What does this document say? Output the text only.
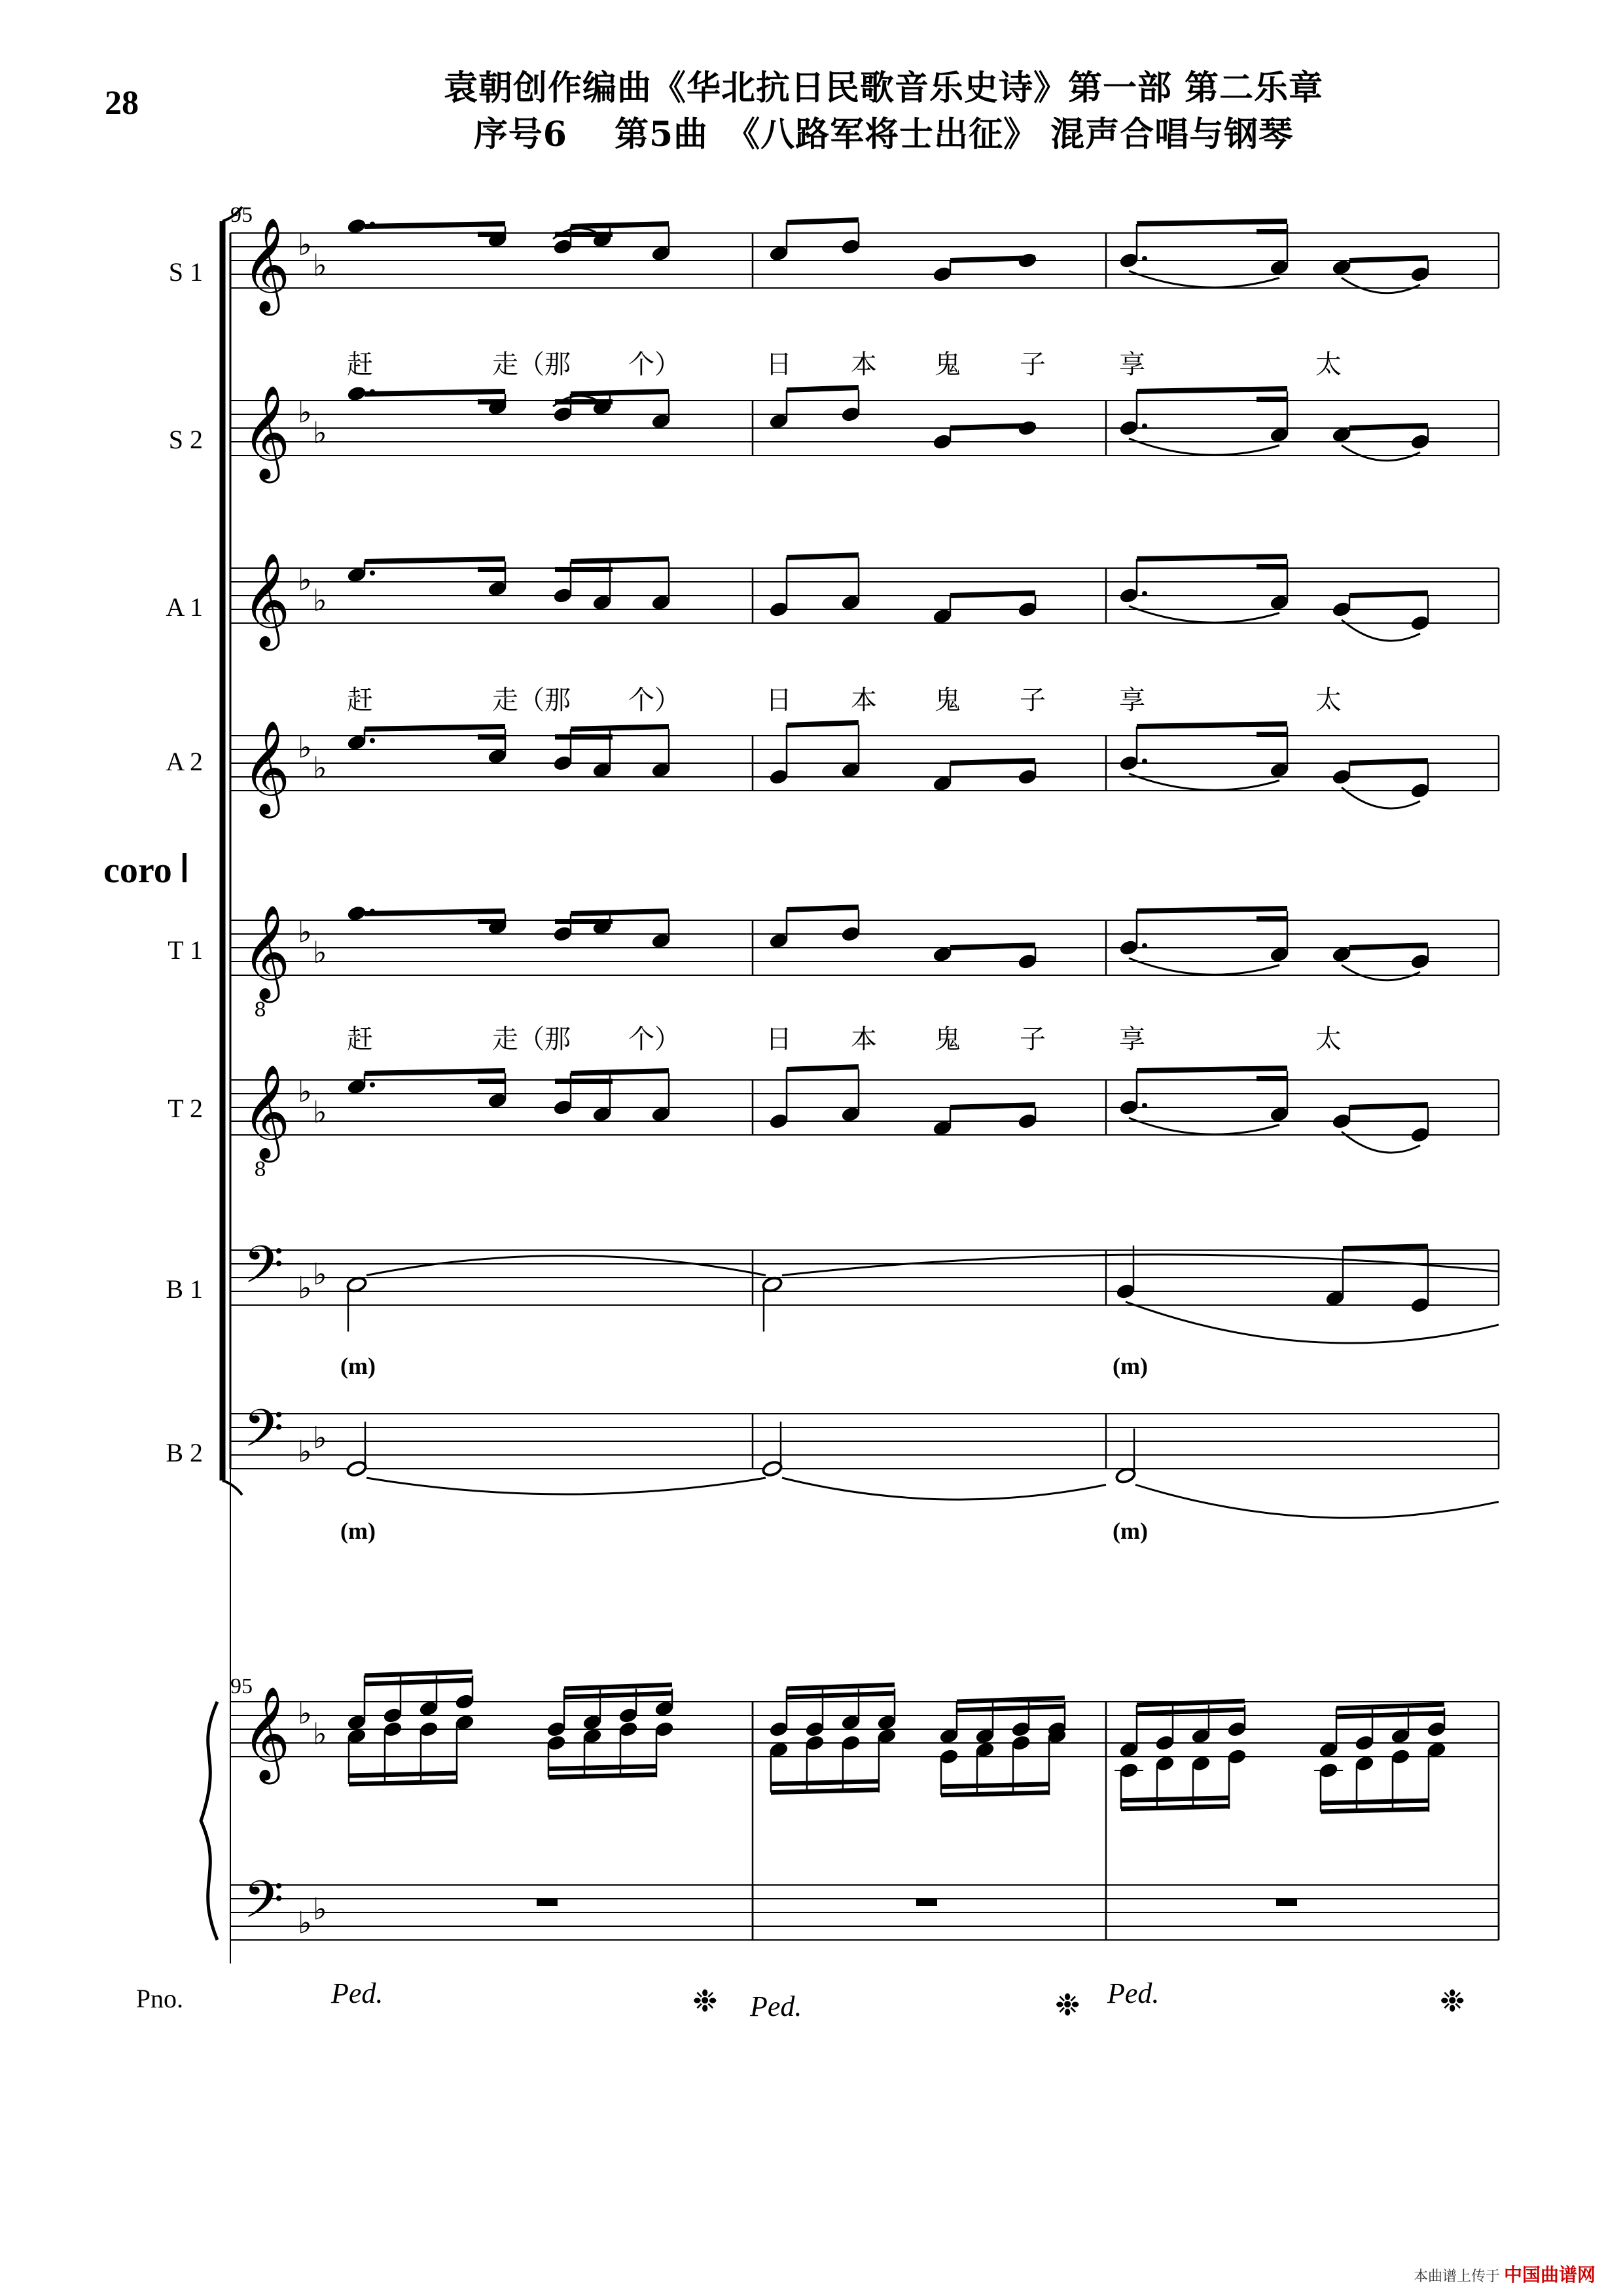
28	袁朝创作编曲《华北抗日民歌音乐史诗》第一部 第二乐章
序号6　 第5曲　《八路军将士出征》 混声合唱与钢琴
coro Ⅰ
S 1
S 2
A 1
A 2
T 1
T 2
B 1
B 2
Pno.
95
95
赶	走（那 个）	日 本 鬼 子	享	太
赶	走（那 个）	日 本 鬼 子	享	太
赶	走（那 个）	日 本 鬼 子	享	太
(m)	(m)
(m)	(m)
Ped.	❉ Ped.	❉ Ped.	❉
本曲谱上传于 中国曲谱网
𝄞 ♭
♭
𝄞 ♭
♭
𝄞 ♭
♭
𝄞 ♭
♭
𝄞 ♭
♭
8
𝄞 ♭
♭
8
𝄢 ♭ ♭
𝄢 ♭ ♭
𝄞 ♭
♭
𝄢 ♭ ♭
